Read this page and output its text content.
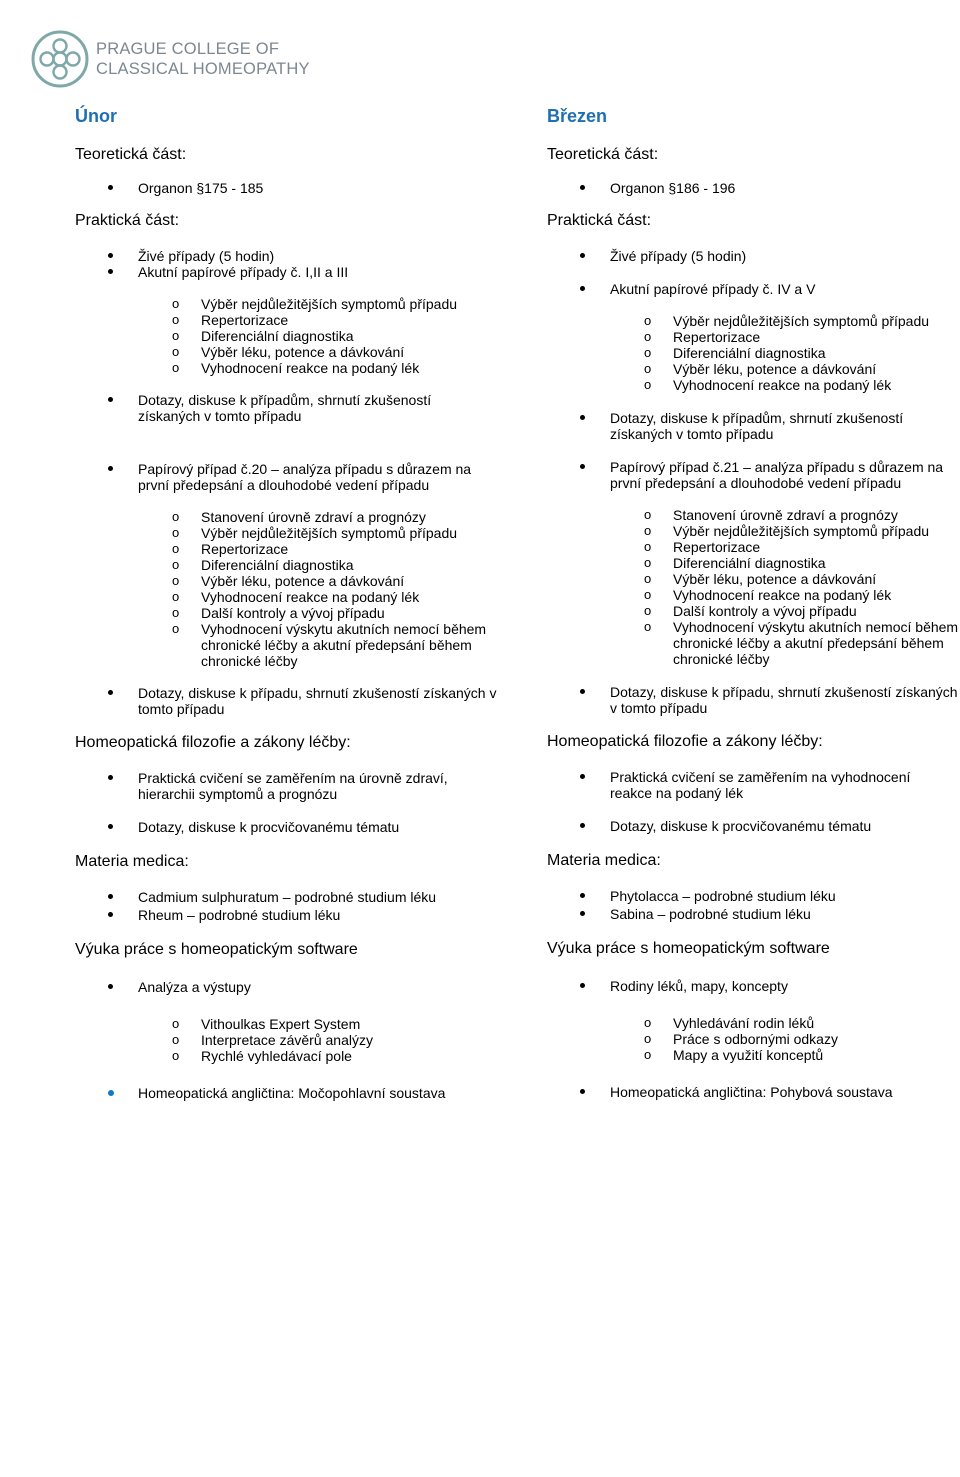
PRAGUE COLLEGE OF
CLASSICAL HOMEOPATHY
Únor
Teoretická část:
Organon §175 - 185
Praktická část:
Živé případy (5 hodin)
Akutní papírové případy č. I,II a III
o Výběr nejdůležitějších symptomů případu
o Repertorizace
o Diferenciální diagnostika
o Výběr léku, potence a dávkování
o Vyhodnocení reakce na podaný lék
Dotazy, diskuse k případům, shrnutí zkušeností získaných v tomto případu
Papírový případ č.20 – analýza případu s důrazem na první předepsání a dlouhodobé vedení případu
o Stanovení úrovně zdraví a prognózy
o Výběr nejdůležitějších symptomů případu
o Repertorizace
o Diferenciální diagnostika
o Výběr léku, potence a dávkování
o Vyhodnocení reakce na podaný lék
o Další kontroly a vývoj případu
o Vyhodnocení výskytu akutních nemocí během chronické léčby a akutní předepsání během chronické léčby
Dotazy, diskuse k případu, shrnutí zkušeností získaných v tomto případu
Homeopatická filozofie a zákony léčby:
Praktická cvičení se zaměřením na úrovně zdraví, hierarchii symptomů a prognózu
Dotazy, diskuse k procvičovanému tématu
Materia medica:
Cadmium sulphuratum – podrobné studium léku
Rheum – podrobné studium léku
Výuka práce s homeopatickým software
Analýza a výstupy
o Vithoulkas Expert System
o Interpretace závěrů analýzy
o Rychlé vyhledávací pole
Homeopatická angličtina: Močopohlavní soustava
Březen
Teoretická část:
Organon §186 - 196
Praktická část:
Živé případy (5 hodin)
Akutní papírové případy č. IV a V
o Výběr nejdůležitějších symptomů případu
o Repertorizace
o Diferenciální diagnostika
o Výběr léku, potence a dávkování
o Vyhodnocení reakce na podaný lék
Dotazy, diskuse k případům, shrnutí zkušeností získaných v tomto případu
Papírový případ č.21 – analýza případu s důrazem na první předepsání a dlouhodobé vedení případu
o Stanovení úrovně zdraví a prognózy
o Výběr nejdůležitějších symptomů případu
o Repertorizace
o Diferenciální diagnostika
o Výběr léku, potence a dávkování
o Vyhodnocení reakce na podaný lék
o Další kontroly a vývoj případu
o Vyhodnocení výskytu akutních nemocí během chronické léčby a akutní předepsání během chronické léčby
Dotazy, diskuse k případu, shrnutí zkušeností získaných v tomto případu
Homeopatická filozofie a zákony léčby:
Praktická cvičení se zaměřením na vyhodnocení reakce na podaný lék
Dotazy, diskuse k procvičovanému tématu
Materia medica:
Phytolacca – podrobné studium léku
Sabina – podrobné studium léku
Výuka práce s homeopatickým software
Rodiny léků, mapy, koncepty
o Vyhledávání rodin léků
o Práce s odbornými odkazy
o Mapy a využití konceptů
Homeopatická angličtina: Pohybová soustava
